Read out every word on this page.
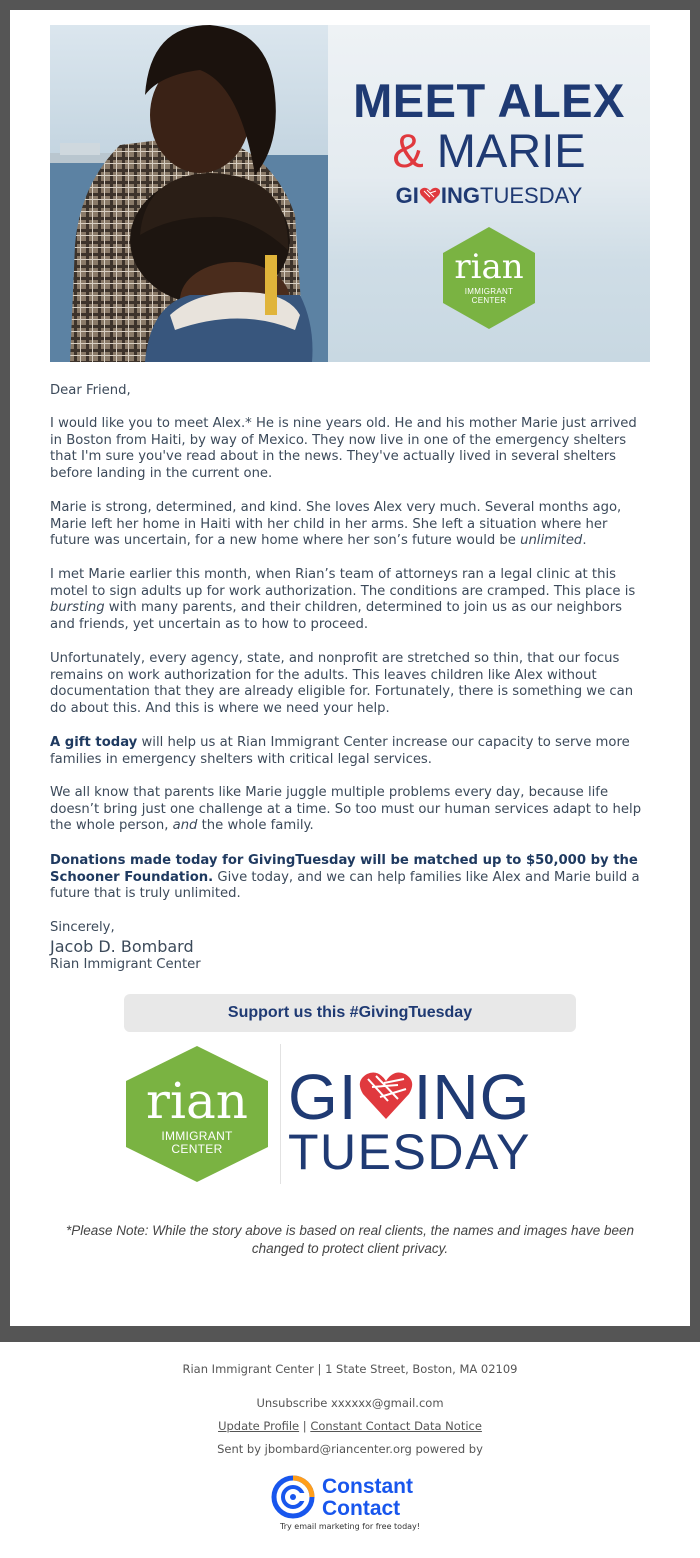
MEET ALEX
& MARIE
GI INGTUESDAY
rian
IMMIGRANT
CENTER
Dear Friend,
I would like you to meet Alex.* He is nine years old. He and his mother Marie just arrived in Boston from Haiti, by way of Mexico. They now live in one of the emergency shelters that I'm sure you've read about in the news. They've actually lived in several shelters before landing in the current one.
Marie is strong, determined, and kind. She loves Alex very much. Several months ago, Marie left her home in Haiti with her child in her arms. She left a situation where her future was uncertain, for a new home where her son’s future would be unlimited.
I met Marie earlier this month, when Rian’s team of attorneys ran a legal clinic at this motel to sign adults up for work authorization. The conditions are cramped. This place is bursting with many parents, and their children, determined to join us as our neighbors and friends, yet uncertain as to how to proceed.
Unfortunately, every agency, state, and nonprofit are stretched so thin, that our focus remains on work authorization for the adults. This leaves children like Alex without documentation that they are already eligible for. Fortunately, there is something we can do about this. And this is where we need your help.
A gift today will help us at Rian Immigrant Center increase our capacity to serve more families in emergency shelters with critical legal services.
We all know that parents like Marie juggle multiple problems every day, because life doesn’t bring just one challenge at a time. So too must our human services adapt to help the whole person, and the whole family.
Donations made today for GivingTuesday will be matched up to $50,000 by the Schooner Foundation. Give today, and we can help families like Alex and Marie build a future that is truly unlimited.
Sincerely,
Jacob D. Bombard
Rian Immigrant Center
Support us this #GivingTuesday
rian
IMMIGRANT
CENTER
GI ING
TUESDAY
*Please Note: While the story above is based on real clients, the names and images have been changed to protect client privacy.
Rian Immigrant Center | 1 State Street, Boston, MA 02109
Unsubscribe xxxxxx@gmail.com
Update Profile | Constant Contact Data Notice
Sent by jbombard@riancenter.org powered by
Constant
Contact
Try email marketing for free today!
